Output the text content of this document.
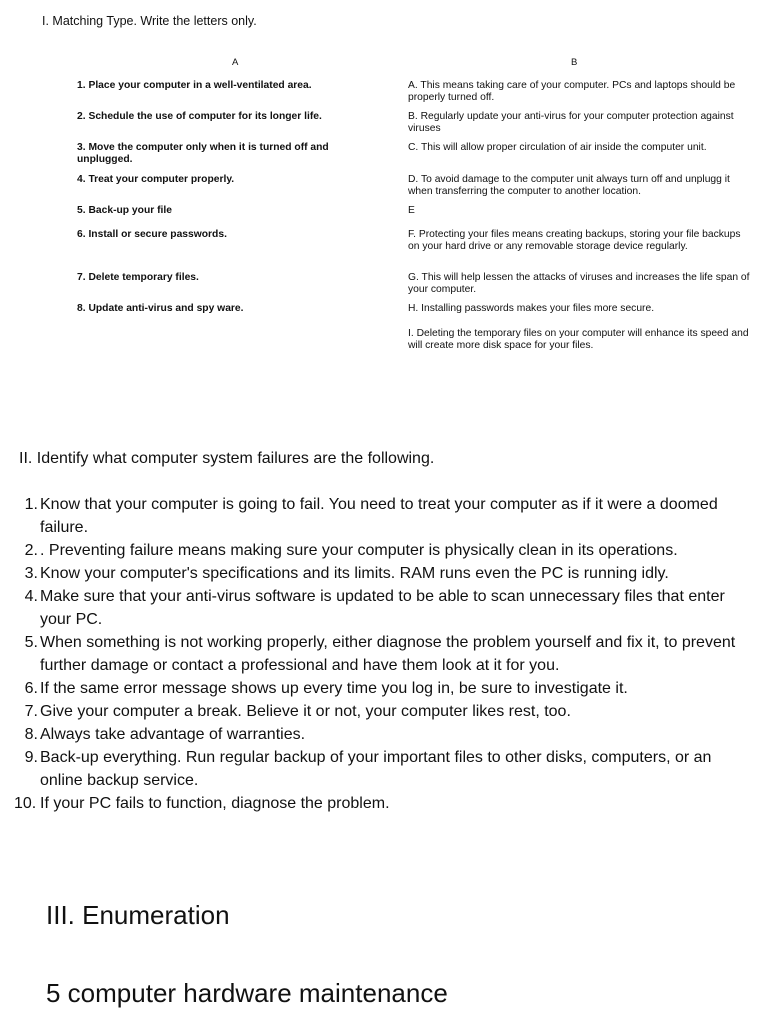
I. Matching Type. Write the letters only.
A	B
1. Place your computer in a well-ventilated area.
2. Schedule the use of computer for its longer life.
3. Move the computer only when it is turned off and unplugged.
4. Treat your computer properly.
5. Back-up your file
6. Install or secure passwords.
7. Delete temporary files.
8. Update anti-virus and spy ware.
A. This means taking care of your computer. PCs and laptops should be properly turned off.
B. Regularly update your anti-virus for your computer protection against viruses
C. This will allow proper circulation of air inside the computer unit.
D. To avoid damage to the computer unit always turn off and unplugg it when transferring the computer to another location.
E
F. Protecting your files means creating backups, storing your file backups on your hard drive or any removable storage device regularly.
G. This will help lessen the attacks of viruses and increases the life span of your computer.
H. Installing passwords makes your files more secure.
I. Deleting the temporary files on your computer will enhance its speed and will create more disk space for your files.
II. Identify what computer system failures are the following.
1. Know that your computer is going to fail. You need to treat your computer as if it were a doomed failure.
2. . Preventing failure means making sure your computer is physically clean in its operations.
3. Know your computer's specifications and its limits. RAM runs even the PC is running idly.
4. Make sure that your anti-virus software is updated to be able to scan unnecessary files that enter your PC.
5. When something is not working properly, either diagnose the problem yourself and fix it, to prevent further damage or contact a professional and have them look at it for you.
6. If the same error message shows up every time you log in, be sure to investigate it.
7. Give your computer a break. Believe it or not, your computer likes rest, too.
8. Always take advantage of warranties.
9. Back-up everything. Run regular backup of your important files to other disks, computers, or an online backup service.
10. If your PC fails to function, diagnose the problem.
III. Enumeration
5 computer hardware maintenance
